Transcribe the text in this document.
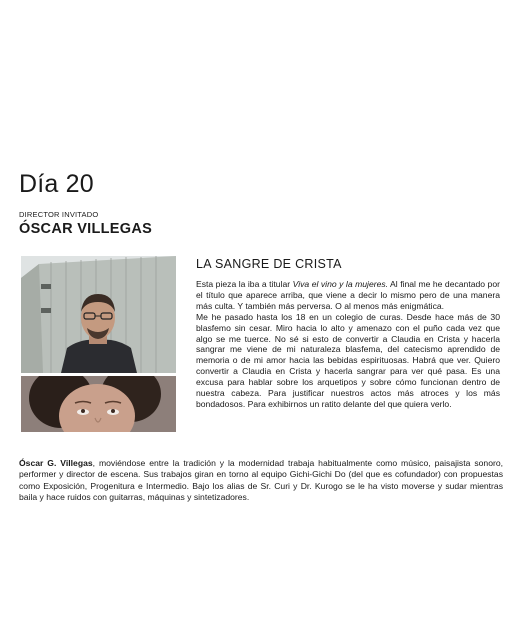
Día 20
DIRECTOR INVITADO
ÓSCAR VILLEGAS
LA SANGRE DE CRISTA

Esta pieza la iba a titular Viva el vino y la mujeres. Al final me he decantado por el título que aparece arriba, que viene a decir lo mismo pero de una manera más culta. Y también más perversa. O al menos más enigmática.

Me he pasado hasta los 18 en un colegio de curas. Desde hace más de 30 blasfemo sin cesar. Miro hacia lo alto y amenazo con el puño cada vez que algo se me tuerce. No sé si esto de convertir a Claudia en Crista y hacerla sangrar me viene de mi naturaleza blasfema, del catecismo aprendido de memoria o de mi amor hacia las bebidas espirituosas. Habrá que ver. Quiero convertir a Claudia en Crista y hacerla sangrar para ver qué pasa. Es una excusa para hablar sobre los arquetipos y sobre cómo funcionan dentro de nuestra cabeza. Para justificar nuestros actos más atroces y los más bondadosos. Para exhibirnos un ratito delante del que quiera verlo.

Óscar G. Villegas, moviéndose entre la tradición y la modernidad trabaja habitualmente como músico, paisajista sonoro, performer y director de escena. Sus trabajos giran en torno al equipo Gichi-Gichi Do (del que es cofundador) con propuestas como Exposición, Progenitura e Intermedio. Bajo los alias de Sr. Curi y Dr. Kurogo se le ha visto moverse y sudar mientras baila y hace ruidos con guitarras, máquinas y sintetizadores.
